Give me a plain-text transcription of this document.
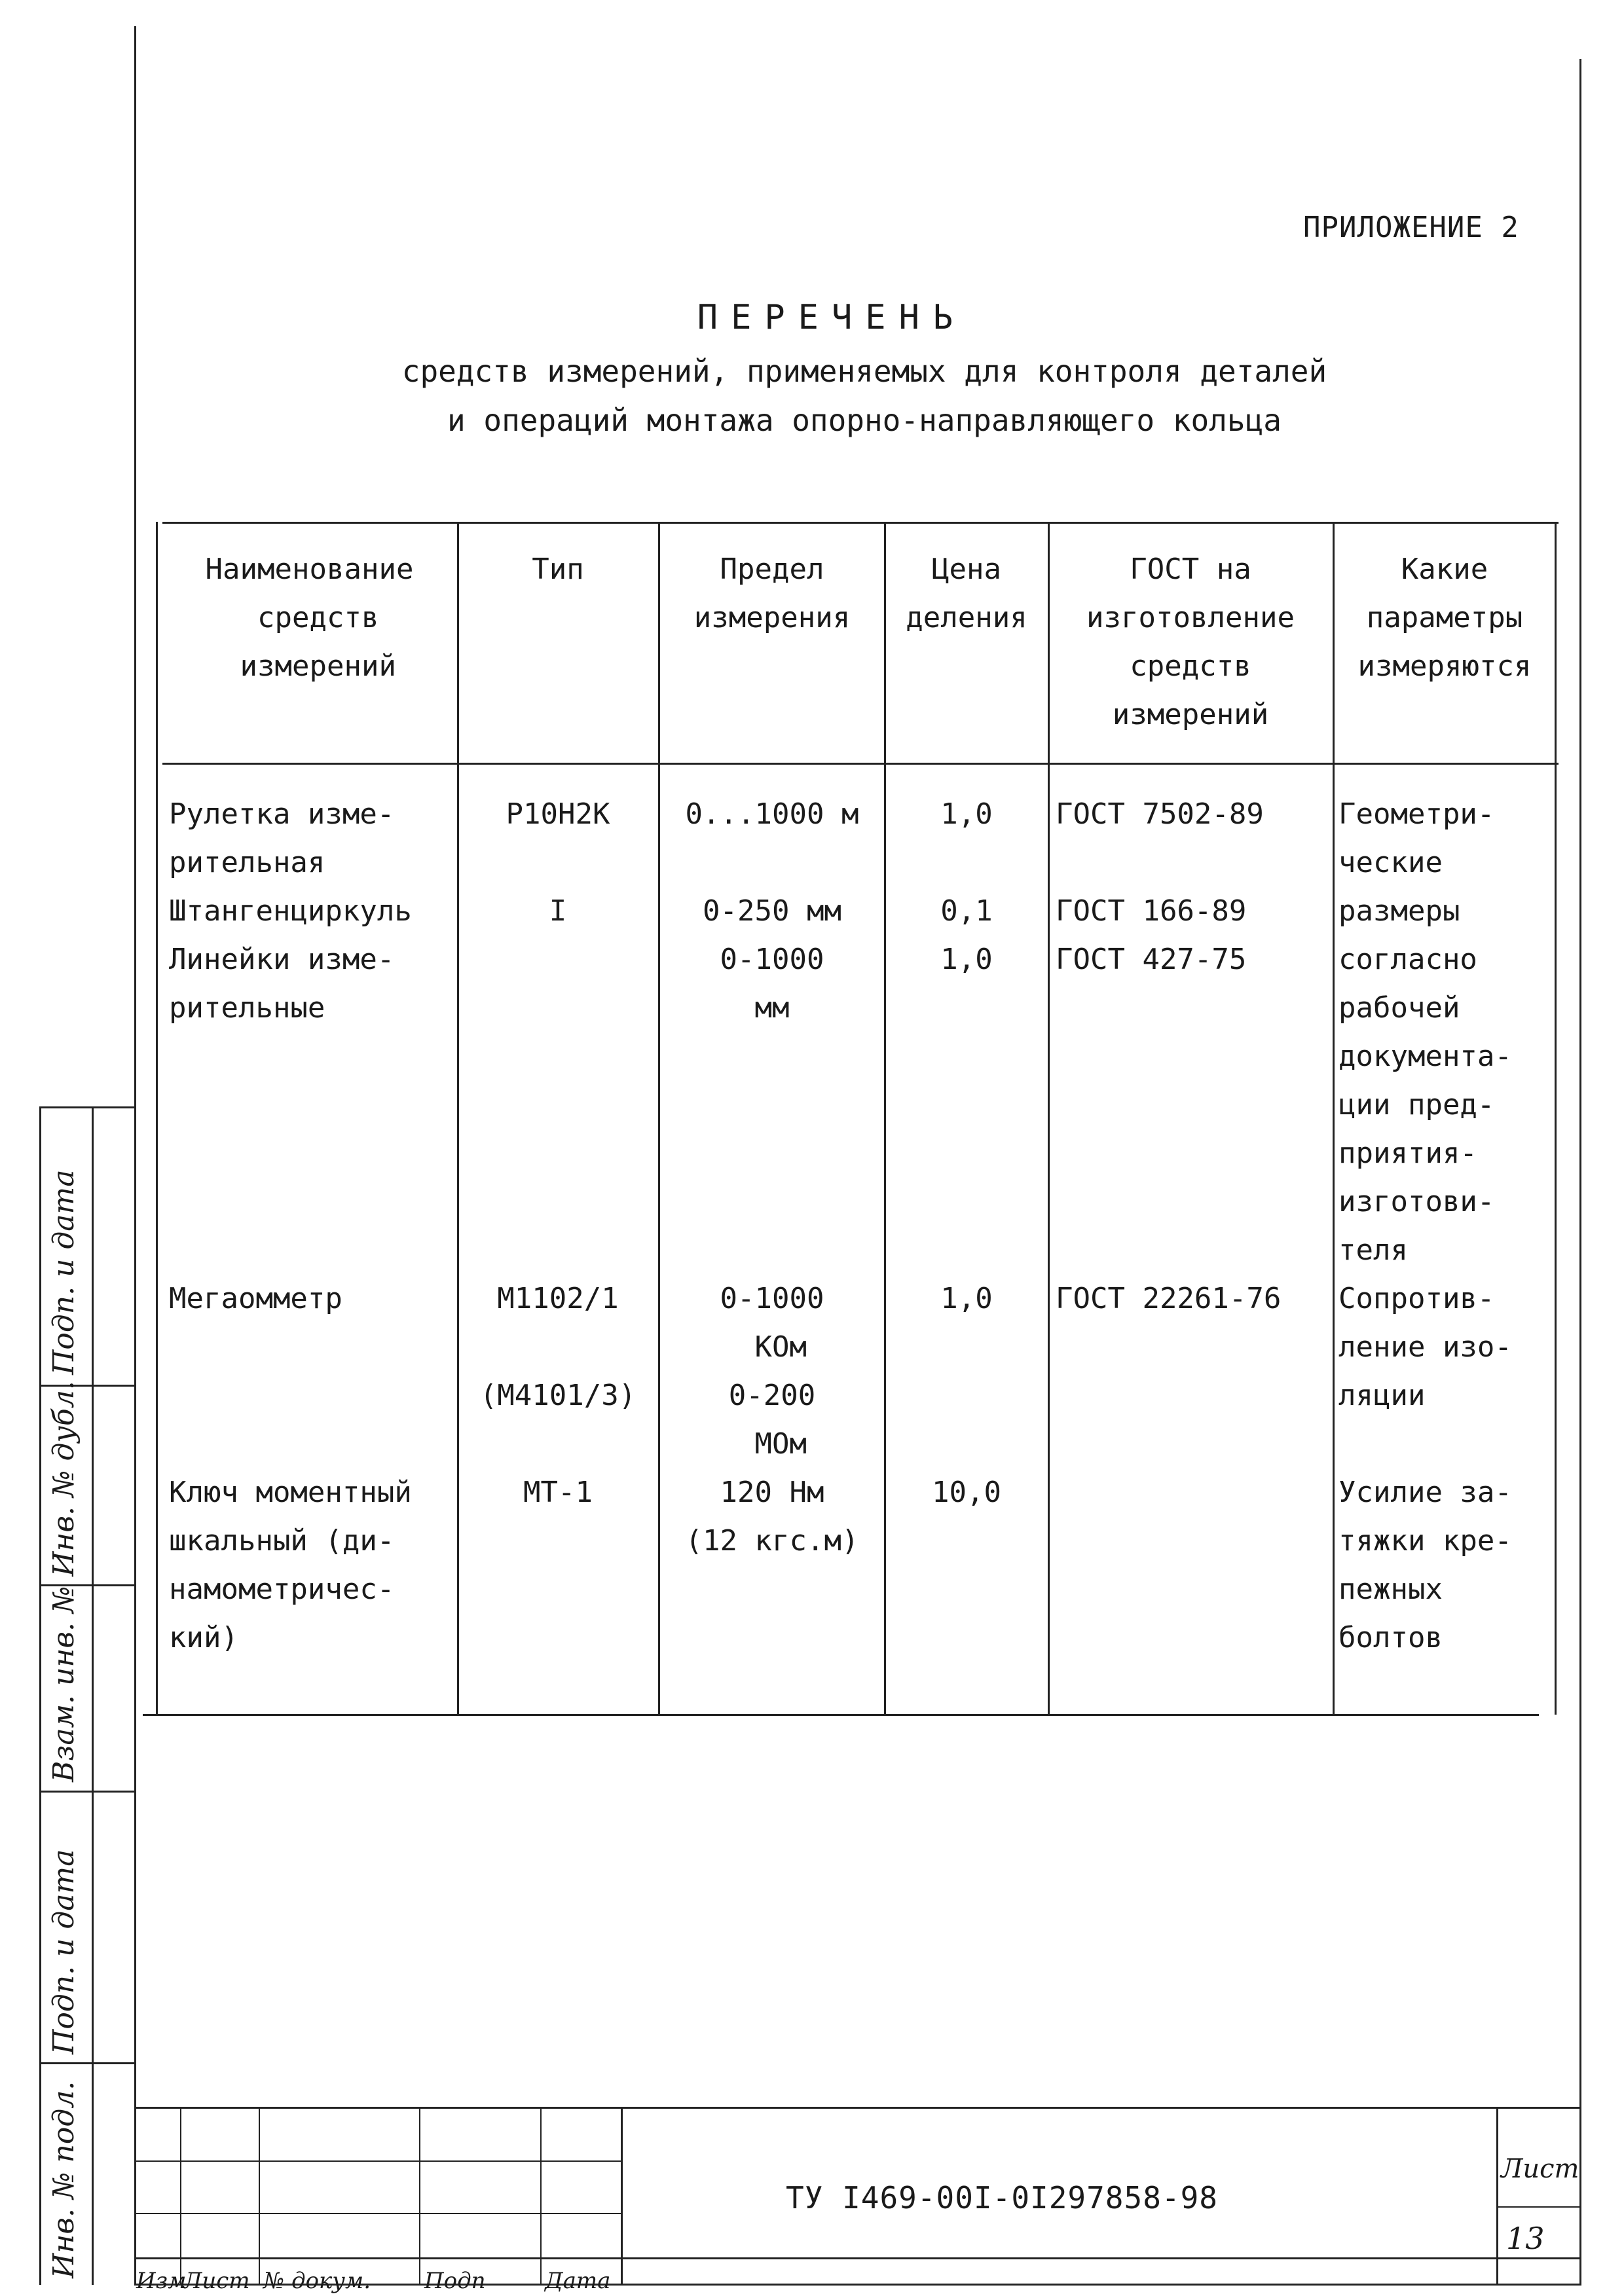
ПРИЛОЖЕНИЕ 2
ПЕРЕЧЕНЬ
средств измерений, применяемых для контроля деталей
и операций монтажа опорно-направляющего кольца
Наименование
средств
измерений
Тип	Предел
измерения
Цена
деления
ГОСТ на
изготовление
средств
измерений
Какие
параметры
измеряются
Рулетка изме-
рительная
Штангенциркуль
Линейки изме-
рительные

Мегаомметр

Ключ моментный
шкальный (ди-
намометричес-
кий)
Р10Н2К

I

М1102/1

(М4101/3)

МТ-1
0...1000 м

0-250 мм
0-1000
мм

0-1000
КОм
0-200
МОм
120 Нм
(12 кгс.м)
1,0

0,1
1,0

1,0

10,0
ГОСТ 7502-89

ГОСТ 166-89
ГОСТ 427-75

ГОСТ 22261-76
Геометри-
ческие
размеры
согласно
рабочей
документа-
ции пред-
приятия-
изготови-
теля
Сопротив-
ление изо-
ляции

Усилие за-
тяжки кре-
пежных
болтов
Подп. и дата
Инв. № дубл.
Взам. инв. №
Подп. и дата
Инв. № подл.
Изм
Лист № докум. Подп	Дата
ТУ I469-00I-0I297858-98
Лист
13
